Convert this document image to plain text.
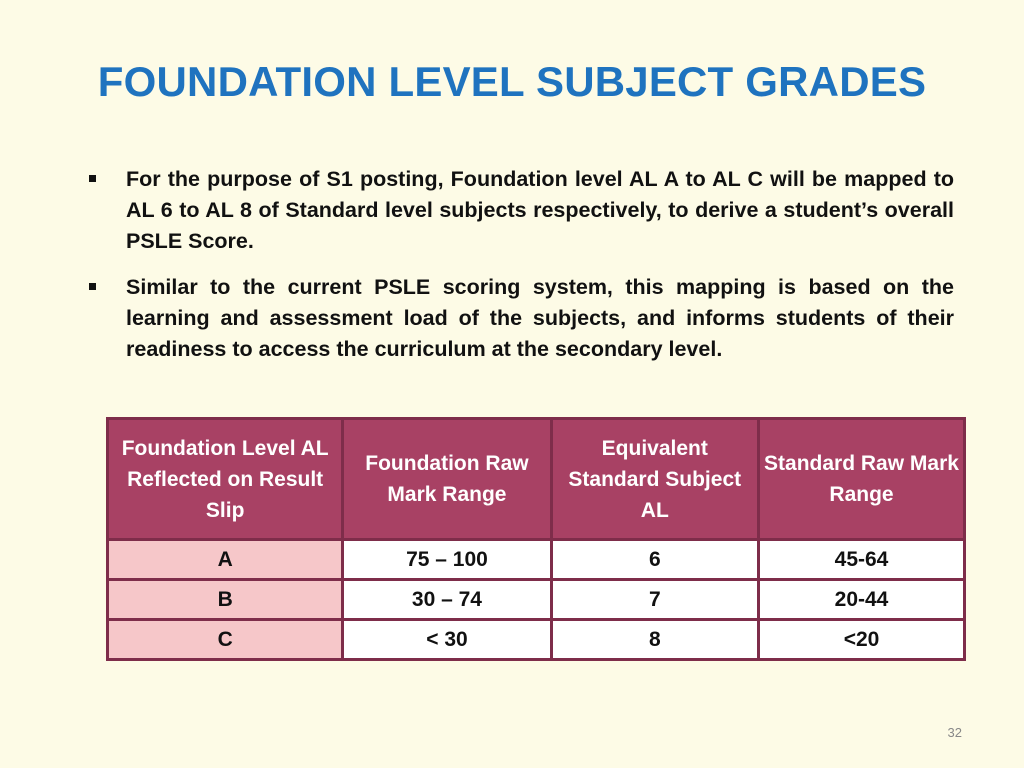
FOUNDATION LEVEL SUBJECT GRADES
For the purpose of S1 posting, Foundation level AL A to AL C will be mapped to AL 6 to AL 8 of Standard level subjects respectively, to derive a student’s overall PSLE Score.
Similar to the current PSLE scoring system, this mapping is based on the learning and assessment load of the subjects, and informs students of their readiness to access the curriculum at the secondary level.
Foundation Level AL Reflected on Result Slip	Foundation Raw Mark Range	Equivalent Standard Subject AL	Standard Raw Mark Range
A	75 – 100	6	45-64
B	30 – 74	7	20-44
C	< 30	8	<20
32
